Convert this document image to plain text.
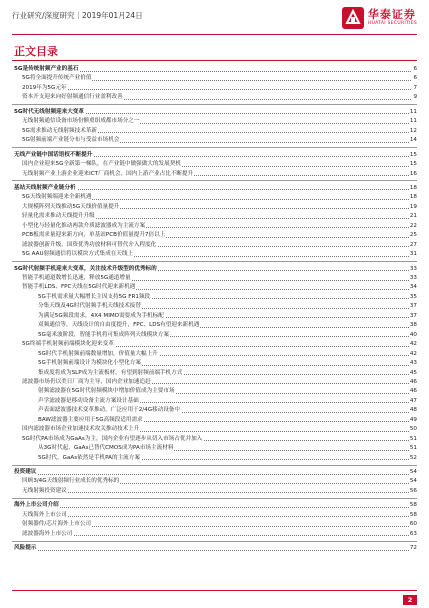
行业研究/深度研究｜2019年01月24日	华泰证券
HUATAI SECURITIES
正文目录
5G是传统射频产业的基石	6
5G将全面提升传统产业价值	6
2019年为5G元年	7
资本开支迎来向好射频通信行业盈利改善	9
5G时代无线射频迎来大变革	11
无线射频通信设备市场份额重组成都市场分之一	11
5G需求推动无线射频技术革新	12
5G射频前端产业链分布与受益市场机会	14
无线产业链中国话语权不断提升	15
国内企业迎来5G全新第一梯队，在产业链中做强做大的发展契机	15
无线射频产业上游企业迎来ICT厂商机会，国内上游产业占比不断提升	16
基站天线射频产业链分析	18
5G天线射频端迎来全新机遇	18
大规模阵列天线推动5G天线价值量提升	19
轻量化需求推动天线提升升级	21
小型化与轻量化推动两款介质滤波器成为主流方案	22
PCB板需求量迎来新方向，单基站PCB价值量提升7倍以上	25
滤波器创新升级，国资优秀功放材料可替代介入程度化	27
5G AAU射频通信将以模块方式集成在天线上	31
5G时代射频手机迎来大变革，关注技术升级型的优秀标的	33
智能手机通道数增长迅速，释放5G通道增量	33
智能手机LDS、FPC天线在5G时代迎来新机遇	34
5G手机需求量大幅增长主因支持5G FR1频段	35
分集天线及4G时代射频手机天线技术接替	37
为满足5G频段需求，4X4 MIMO需要成为手机标配	37
双频通信等，天线设计的自由度提升，FPC、LDS有望迎来新机遇	38
5G毫米波阶段，智能手机将可集成阵列天线模块方案	40
5G终端手机射频前端模块化迎来变革	42
5G时代手机射频前端数量增加，价值量大幅上升	42
5G手机射频前端设计为模块化小型化方案	43
集成度将成为SLP成为主流板材，有望到射频前端手机方式	45
滤波器市场仍以美日厂商为主导，国内企业加速追赶	46
射频滤波器在5G时代射频模块中增加价值成为主要市场	46
声学滤波器是移动设备主流方案设计基础	47
声表面滤波器技术变革推动，广泛应用于2/4G移动设备中	48
BAW滤波器主要应用于5G高频段适用需求	49
国内滤波器市场企业加速技术攻关推动技术上升	50
5G时代PA市场成为GaAs为主，国内企业有望逐步从切入市场占优并加入	51
从3G时代起，GaAs已替代CMOS成为PA市场主流材料	51
5G时代，GaAs依然是手机PA的主流方案	52
投资建议	54
回顾3/4G天线射频行业成长的优秀标的	54
无线射频投资建议	56
海外上市公司介绍	58
天线海外上市公司	58
射频器件/芯片海外上市公司	60
滤波器海外上市公司	63
风险提示	72
2
